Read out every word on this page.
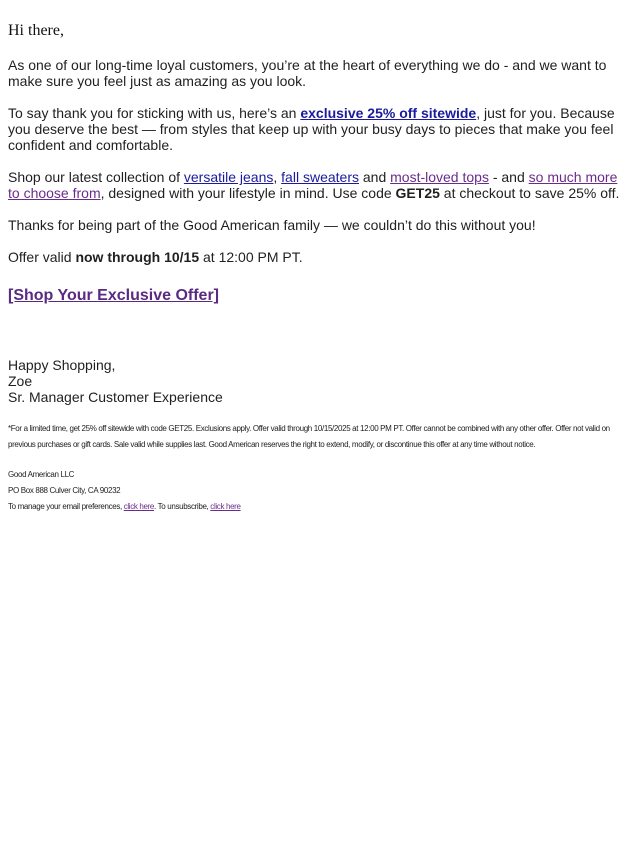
Hi there,

As one of our long-time loyal customers, you’re at the heart of everything we do - and we want to make sure you feel just as amazing as you look.

To say thank you for sticking with us, here’s an exclusive 25% off sitewide, just for you. Because you deserve the best — from styles that keep up with your busy days to pieces that make you feel confident and comfortable.

Shop our latest collection of versatile jeans, fall sweaters and most-loved tops - and so much more to choose from, designed with your lifestyle in mind. Use code GET25 at checkout to save 25% off.

Thanks for being part of the Good American family — we couldn’t do this without you!

Offer valid now through 10/15 at 12:00 PM PT.

[Shop Your Exclusive Offer]
Happy Shopping,
Zoe
Sr. Manager Customer Experience
*For a limited time, get 25% off sitewide with code GET25. Exclusions apply. Offer valid through 10/15/2025 at 12:00 PM PT. Offer cannot be combined with any other offer. Offer not valid on previous purchases or gift cards. Sale valid while supplies last. Good American reserves the right to extend, modify, or discontinue this offer at any time without notice.
Good American LLC
PO Box 888 Culver City, CA 90232
To manage your email preferences, click here. To unsubscribe, click here
